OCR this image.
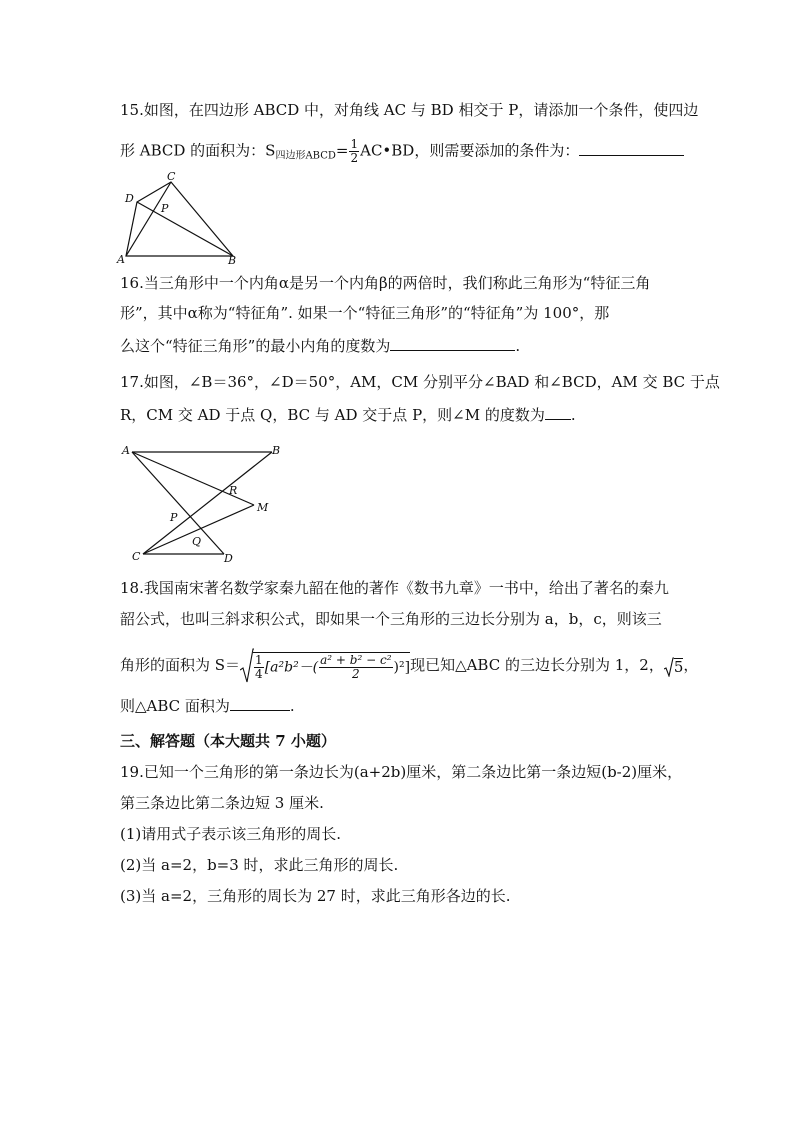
15.如图，在四边形 ABCD 中，对角线 AC 与 BD 相交于 P，请添加一个条件，使四边
形 ABCD 的面积为：$S_{四边形ABCD}= \frac{1}{2}$ AC•BD，则需要添加的条件为：
A	B
C
D
P
16.当三角形中一个内角α是另一个内角β的两倍时，我们称此三角形为“特征三角
形”，其中α称为“特征角”. 如果一个“特征三角形”的“特征角”为 100°，那
么这个“特征三角形”的最小内角的度数为	.
17.如图，∠B＝36°，∠D＝50°，AM，CM 分别平分∠BAD 和∠BCD，AM 交 BC 于点
R，CM 交 AD 于点 Q，BC 与 AD 交于点 P，则∠M 的度数为 .
A	B
R
M
P
Q
C	D
18.我国南宋著名数学家秦九韶在他的著作《数书九章》一书中，给出了著名的秦九
韶公式，也叫三斜求积公式，即如果一个三角形的三边长分别为 a，b，c，则该三
角形的面积为 $S= \frac{1}{4} [a^2b^2-( \frac{\text{a² + b² − c²}}{2} )^2]$现已知△ABC 的三边长分别为 1，2， 5，
则△ABC 面积为	.
三、解答题（本大题共 7 小题）
19.已知一个三角形的第一条边长为(a+2b)厘米，第二条边比第一条边短(b-2)厘米，
第三条边比第二条边短 3 厘米.
(1)请用式子表示该三角形的周长.
(2)当 a=2，b=3 时，求此三角形的周长.
(3)当 a=2，三角形的周长为 27 时，求此三角形各边的长.
